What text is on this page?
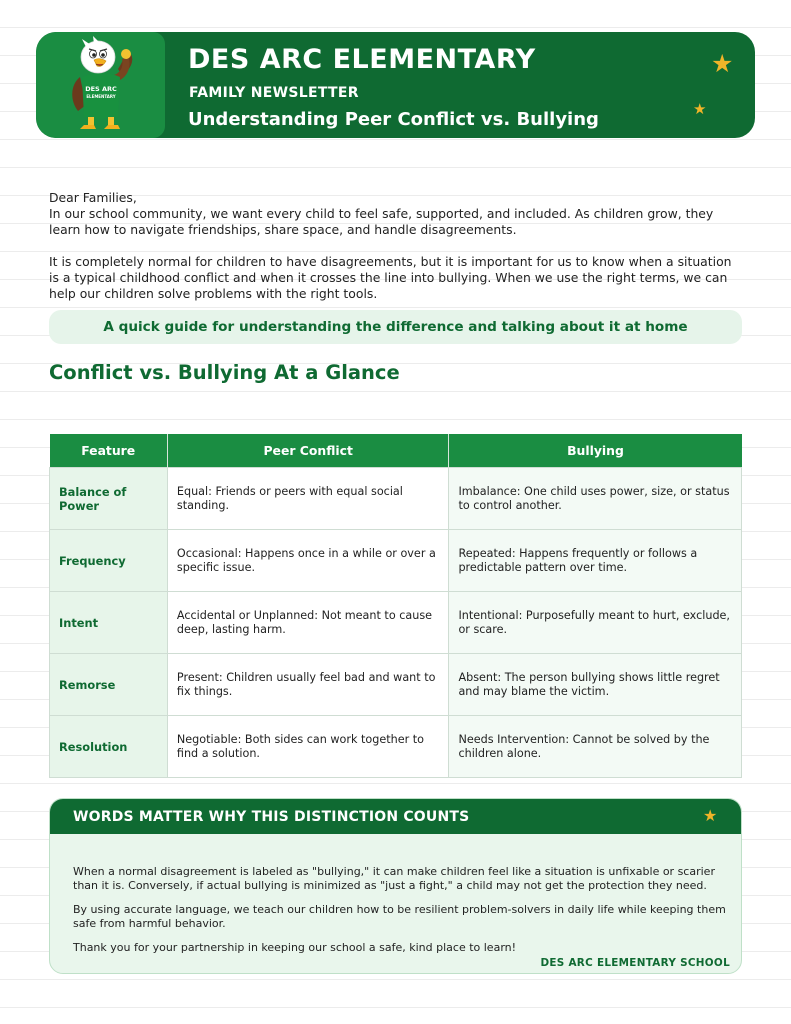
DES ARC
ELEMENTARY
DES ARC ELEMENTARY
FAMILY NEWSLETTER
Understanding Peer Conflict vs. Bullying
★
★

Dear Families,

In our school community, we want every child to feel safe, supported, and included. As children grow, they learn how to navigate friendships, share space, and handle disagreements.

It is completely normal for children to have disagreements, but it is important for us to know when a situation is a typical childhood conflict and when it crosses the line into bullying. When we use the right terms, we can help our children solve problems with the right tools.

A quick guide for understanding the difference and talking about it at home
Conflict vs. Bullying At a Glance
Feature	Peer Conflict	Bullying
Balance of Power	Equal: Friends or peers with equal social standing.	Imbalance: One child uses power, size, or status to control another.
Frequency	Occasional: Happens once in a while or over a specific issue.	Repeated: Happens frequently or follows a predictable pattern over time.
Intent	Accidental or Unplanned: Not meant to cause deep, lasting harm.	Intentional: Purposefully meant to hurt, exclude, or scare.
Remorse	Present: Children usually feel bad and want to fix things.	Absent: The person bullying shows little regret and may blame the victim.
Resolution	Negotiable: Both sides can work together to find a solution.	Needs Intervention: Cannot be solved by the children alone.
WORDS MATTER WHY THIS DISTINCTION COUNTS	★

When a normal disagreement is labeled as "bullying," it can make children feel like a situation is unfixable or scarier than it is. Conversely, if actual bullying is minimized as "just a fight," a child may not get the protection they need.

By using accurate language, we teach our children how to be resilient problem-solvers in daily life while keeping them safe from harmful behavior.

Thank you for your partnership in keeping our school a safe, kind place to learn!

DES ARC ELEMENTARY SCHOOL
